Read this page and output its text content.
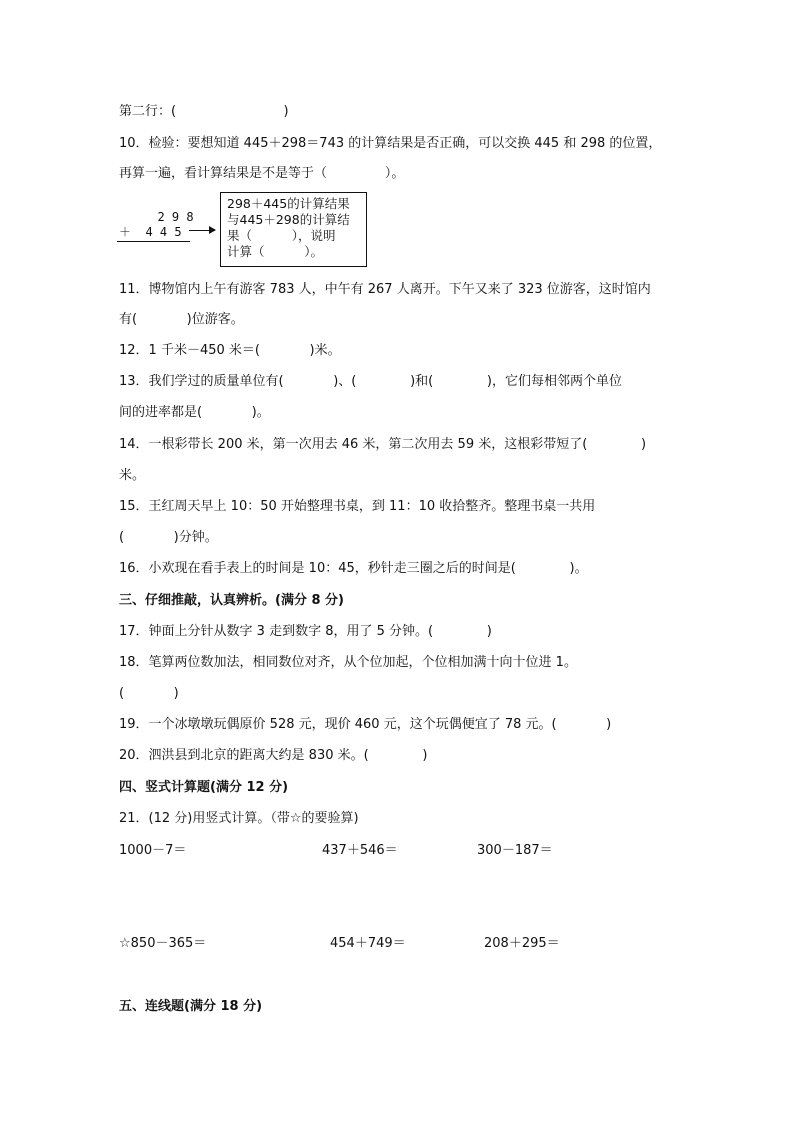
第二行：(                          )
10．检验：要想知道 445＋298＝743 的计算结果是否正确，可以交换 445 和 298 的位置，
再算一遍，看计算结果是不是等于（              ）。
2 9 8
＋  4 4 5
298＋445的计算结果
与445＋298的计算结
果（          ），说明
计算（          ）。
11．博物馆内上午有游客 783 人，中午有 267 人离开。下午又来了 323 位游客，这时馆内
有(            )位游客。
12．1 千米－450 米＝(            )米。
13．我们学过的质量单位有(            )、(             )和(             )，它们每相邻两个单位
间的进率都是(            )。
14．一根彩带长 200 米，第一次用去 46 米，第二次用去 59 米，这根彩带短了(             )
米。
15．王红周天早上 10：50 开始整理书桌，到 11：10 收拾整齐。整理书桌一共用
(            )分钟。
16．小欢现在看手表上的时间是 10：45，秒针走三圈之后的时间是(             )。
三、仔细推敲，认真辨析。(满分 8 分)
17．钟面上分针从数字 3 走到数字 8，用了 5 分钟。(             )
18．笔算两位数加法，相同数位对齐，从个位加起，个位相加满十向十位进 1。
(            )
19．一个冰墩墩玩偶原价 528 元，现价 460 元，这个玩偶便宜了 78 元。(            )
20．泗洪县到北京的距离大约是 830 米。(             )
四、竖式计算题(满分 12 分)
21．(12 分)用竖式计算。（带☆的要验算)
1000－7＝	437＋546＝	300－187＝
☆850－365＝	454＋749＝	208＋295＝
五、连线题(满分 18 分)
